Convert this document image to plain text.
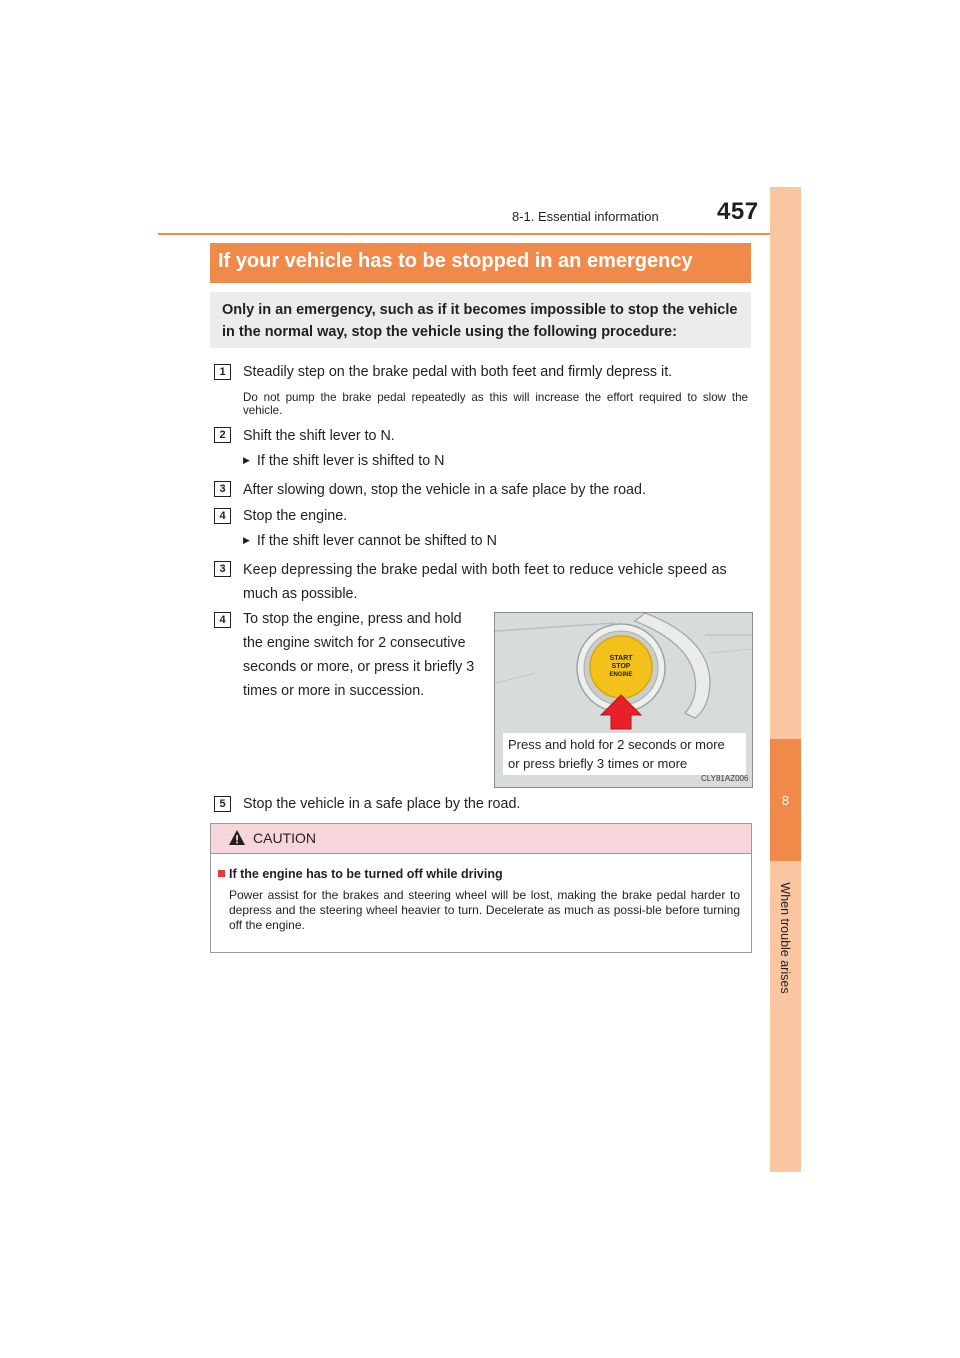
8-1. Essential information 457
8
When trouble arises
If your vehicle has to be stopped in an emergency
Only in an emergency, such as if it becomes impossible to stop the vehicle in the normal way, stop the vehicle using the following procedure:
1	Steadily step on the brake pedal with both feet and firmly depress it.
Do not pump the brake pedal repeatedly as this will increase the effort required to slow the vehicle.
2	Shift the shift lever to N.
▶ If the shift lever is shifted to N
3	After slowing down, stop the vehicle in a safe place by the road.
4	Stop the engine.
▶ If the shift lever cannot be shifted to N
3	Keep depressing the brake pedal with both feet to reduce vehicle speed as
much as possible.
4	To stop the engine, press and hold
the engine switch for 2 consecutive
seconds or more, or press it briefly 3
times or more in succession.
START
STOP
ENGINE
Press and hold for 2 seconds or more
or press briefly 3 times or more
CLY81AZ006
5	Stop the vehicle in a safe place by the road.
CAUTION
If the engine has to be turned off while driving
Power assist for the brakes and steering wheel will be lost, making the brake pedal harder to depress and the steering wheel heavier to turn. Decelerate as much as possi-ble before turning off the engine.
